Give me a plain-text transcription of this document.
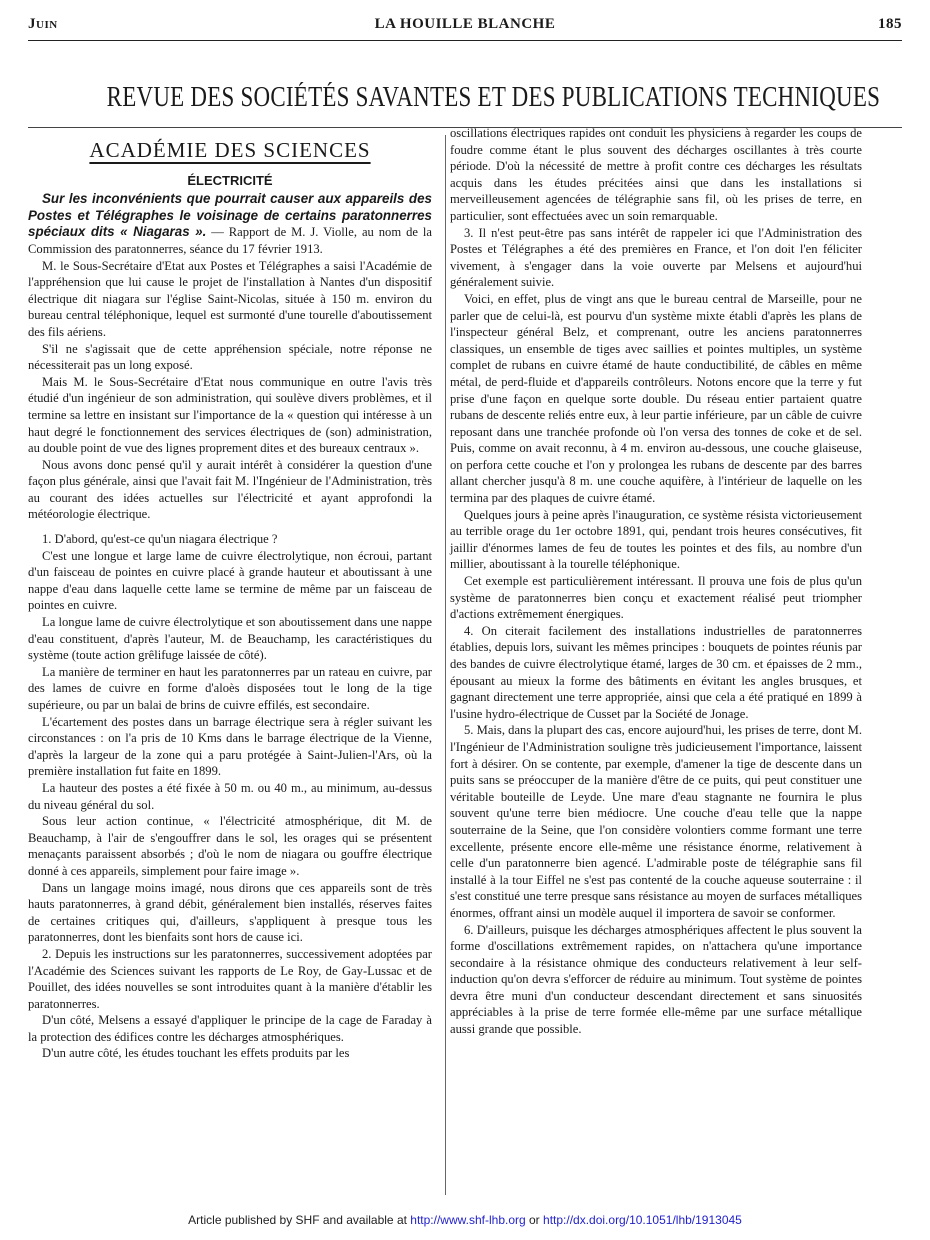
Juin	LA HOUILLE BLANCHE	185
REVUE DES SOCIÉTÉS SAVANTES ET DES PUBLICATIONS TECHNIQUES

ACADÉMIE DES SCIENCES

ÉLECTRICITÉ

Sur les inconvénients que pourrait causer aux appareils des Postes et Télégraphes le voisinage de certains paratonnerres spéciaux dits « Niagaras ». — Rapport de M. J. Violle, au nom de la Commission des paratonnerres, séance du 17 février 1913.

M. le Sous-Secrétaire d'Etat aux Postes et Télégraphes a saisi l'Académie de l'appréhension que lui cause le projet de l'installation à Nantes d'un dispositif électrique dit niagara sur l'église Saint-Nicolas, située à 150 m. environ du bureau central téléphonique, lequel est surmonté d'une tourelle d'aboutissement des fils aériens.

S'il ne s'agissait que de cette appréhension spéciale, notre réponse ne nécessiterait pas un long exposé.

Mais M. le Sous-Secrétaire d'Etat nous communique en outre l'avis très étudié d'un ingénieur de son administration, qui soulève divers problèmes, et il termine sa lettre en insistant sur l'importance de la « question qui intéresse à un haut degré le fonctionnement des services électriques de (son) administration, au double point de vue des lignes proprement dites et des bureaux centraux ».

Nous avons donc pensé qu'il y aurait intérêt à considérer la question d'une façon plus générale, ainsi que l'avait fait M. l'Ingénieur de l'Administration, très au courant des idées actuelles sur l'électricité et ayant approfondi la météorologie électrique.

1. D'abord, qu'est-ce qu'un niagara électrique ?

C'est une longue et large lame de cuivre électrolytique, non écroui, partant d'un faisceau de pointes en cuivre placé à grande hauteur et aboutissant à une nappe d'eau dans laquelle cette lame se termine de même par un faisceau de pointes en cuivre.

La longue lame de cuivre électrolytique et son aboutissement dans une nappe d'eau constituent, d'après l'auteur, M. de Beauchamp, les caractéristiques du système (toute action grêlifuge laissée de côté).

La manière de terminer en haut les paratonnerres par un rateau en cuivre, par des lames de cuivre en forme d'aloès disposées tout le long de la tige supérieure, ou par un balai de brins de cuivre effilés, est secondaire.

L'écartement des postes dans un barrage électrique sera à régler suivant les circonstances : on l'a pris de 10 Kms dans le barrage électrique de la Vienne, d'après la largeur de la zone qui a paru protégée à Saint-Julien-l'Ars, où la première installation fut faite en 1899.

La hauteur des postes a été fixée à 50 m. ou 40 m., au minimum, au-dessus du niveau général du sol.

Sous leur action continue, « l'électricité atmosphérique, dit M. de Beauchamp, à l'air de s'engouffrer dans le sol, les orages qui se présentent menaçants paraissent absorbés ; d'où le nom de niagara ou gouffre électrique donné à ces appareils, simplement pour faire image ».

Dans un langage moins imagé, nous dirons que ces appareils sont de très hauts paratonnerres, à grand débit, généralement bien installés, réserves faites de certaines critiques qui, d'ailleurs, s'appliquent à presque tous les paratonnerres, dont les bienfaits sont hors de cause ici.

2. Depuis les instructions sur les paratonnerres, successivement adoptées par l'Académie des Sciences suivant les rapports de Le Roy, de Gay-Lussac et de Pouillet, des idées nouvelles se sont introduites quant à la manière d'établir les paratonnerres.

D'un côté, Melsens a essayé d'appliquer le principe de la cage de Faraday à la protection des édifices contre les décharges atmosphériques.

D'un autre côté, les études touchant les effets produits par les

oscillations électriques rapides ont conduit les physiciens à regarder les coups de foudre comme étant le plus souvent des décharges oscillantes à très courte période. D'où la nécessité de mettre à profit contre ces décharges les résultats acquis dans les études précitées ainsi que dans les installations si merveilleusement agencées de télégraphie sans fil, où les prises de terre, en particulier, sont effectuées avec un soin remarquable.

3. Il n'est peut-être pas sans intérêt de rappeler ici que l'Administration des Postes et Télégraphes a été des premières en France, et l'on doit l'en féliciter vivement, à s'engager dans la voie ouverte par Melsens et aujourd'hui généralement suivie.

Voici, en effet, plus de vingt ans que le bureau central de Marseille, pour ne parler que de celui-là, est pourvu d'un système mixte établi d'après les plans de l'inspecteur général Belz, et comprenant, outre les anciens paratonnerres classiques, un ensemble de tiges avec saillies et pointes multiples, un système complet de rubans en cuivre étamé de haute conductibilité, de câbles en même métal, de perd-fluide et d'appareils contrôleurs. Notons encore que la terre y fut prise d'une façon en quelque sorte double. Du réseau entier partaient quatre rubans de descente reliés entre eux, à leur partie inférieure, par un câble de cuivre reposant dans une tranchée profonde où l'on versa des tonnes de coke et de sel. Puis, comme on avait reconnu, à 4 m. environ au-dessous, une couche glaiseuse, on perfora cette couche et l'on y prolongea les rubans de descente par des barres allant chercher jusqu'à 8 m. une couche aquifère, à l'intérieur de laquelle on les termina par des plaques de cuivre étamé.

Quelques jours à peine après l'inauguration, ce système résista victorieusement au terrible orage du 1er octobre 1891, qui, pendant trois heures consécutives, fit jaillir d'énormes lames de feu de toutes les pointes et des fils, au nombre d'un millier, aboutissant à la tourelle téléphonique.

Cet exemple est particulièrement intéressant. Il prouva une fois de plus qu'un système de paratonnerres bien conçu et exactement réalisé peut triompher d'actions extrêmement énergiques.

4. On citerait facilement des installations industrielles de paratonnerres établies, depuis lors, suivant les mêmes principes : bouquets de pointes réunis par des bandes de cuivre électrolytique étamé, larges de 30 cm. et épaisses de 2 mm., épousant au mieux la forme des bâtiments en évitant les angles brusques, et gagnant directement une terre appropriée, ainsi que cela a été pratiqué en 1899 à l'usine hydro-électrique de Cusset par la Société de Jonage.

5. Mais, dans la plupart des cas, encore aujourd'hui, les prises de terre, dont M. l'Ingénieur de l'Administration souligne très judicieusement l'importance, laissent fort à désirer. On se contente, par exemple, d'amener la tige de descente dans un puits sans se préoccuper de la manière d'être de ce puits, qui peut constituer une véritable bouteille de Leyde. Une mare d'eau stagnante ne fournira le plus souvent qu'une terre bien médiocre. Une couche d'eau telle que la nappe souterraine de la Seine, que l'on considère volontiers comme formant une terre excellente, présente encore elle-même une résistance énorme, relativement à celle d'un paratonnerre bien agencé. L'admirable poste de télégraphie sans fil installé à la tour Eiffel ne s'est pas contenté de la couche aqueuse souterraine : il s'est constitué une terre presque sans résistance au moyen de surfaces métalliques énormes, offrant ainsi un modèle auquel il importera de savoir se conformer.

6. D'ailleurs, puisque les décharges atmosphériques affectent le plus souvent la forme d'oscillations extrêmement rapides, on n'attachera qu'une importance secondaire à la résistance ohmique des conducteurs relativement à leur self-induction qu'on devra s'efforcer de réduire au minimum. Tout système de pointes devra être muni d'un conducteur descendant directement et sans sinuosités appréciables à la prise de terre formée elle-même par une surface métallique aussi grande que possible.

Article published by SHF and available at http://www.shf-lhb.org or http://dx.doi.org/10.1051/lhb/1913045
